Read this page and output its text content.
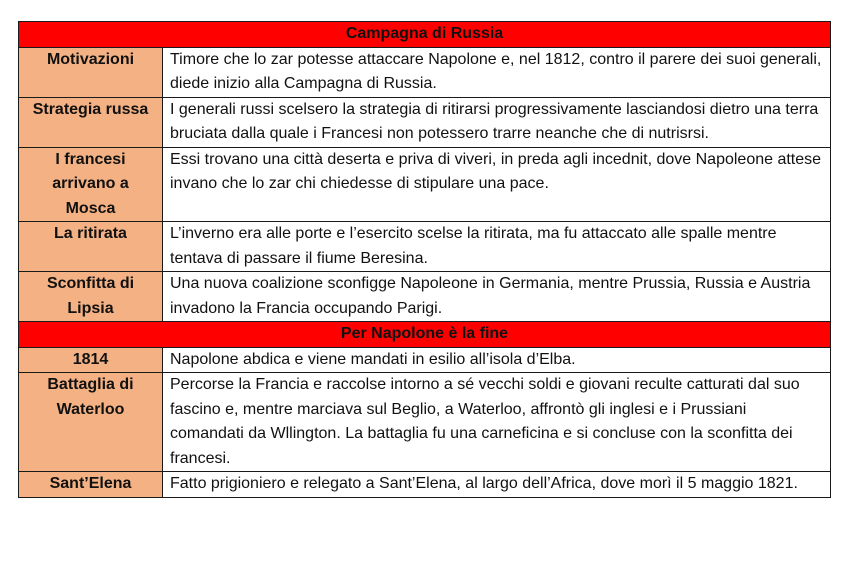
Campagna di Russia	
Motivazioni	Timore che lo zar potesse attaccare Napolone e, nel 1812, contro il parere dei suoi generali, diede inizio alla Campagna di Russia.
Strategia russa	I generali russi scelsero la strategia di ritirarsi progressivamente lasciandosi dietro una terra bruciata dalla quale i Francesi non potessero trarre neanche che di nutrisrsi.
I francesi arrivano a Mosca	Essi trovano una città deserta e priva di viveri, in preda agli incednit, dove Napoleone attese invano che lo zar chi chiedesse di stipulare una pace.
La ritirata	L’inverno era alle porte e l’esercito scelse la ritirata, ma fu attaccato alle spalle mentre tentava di passare il fiume Beresina.
Sconfitta di Lipsia	Una nuova coalizione sconfigge Napoleone in Germania, mentre Prussia, Russia e Austria invadono la Francia occupando Parigi.
Per Napolone è la fine	
1814	Napolone abdica e viene mandati in esilio all’isola d’Elba.
Battaglia di Waterloo	Percorse la Francia e raccolse intorno a sé vecchi soldi e giovani reculte catturati dal suo fascino e, mentre marciava sul Beglio, a Waterloo, affrontò gli inglesi e i Prussiani comandati da Wllington. La battaglia fu una carneficina e si concluse con la sconfitta dei francesi.
Sant’Elena	Fatto prigioniero e relegato a Sant’Elena, al largo dell’Africa, dove morì il 5 maggio 1821.
